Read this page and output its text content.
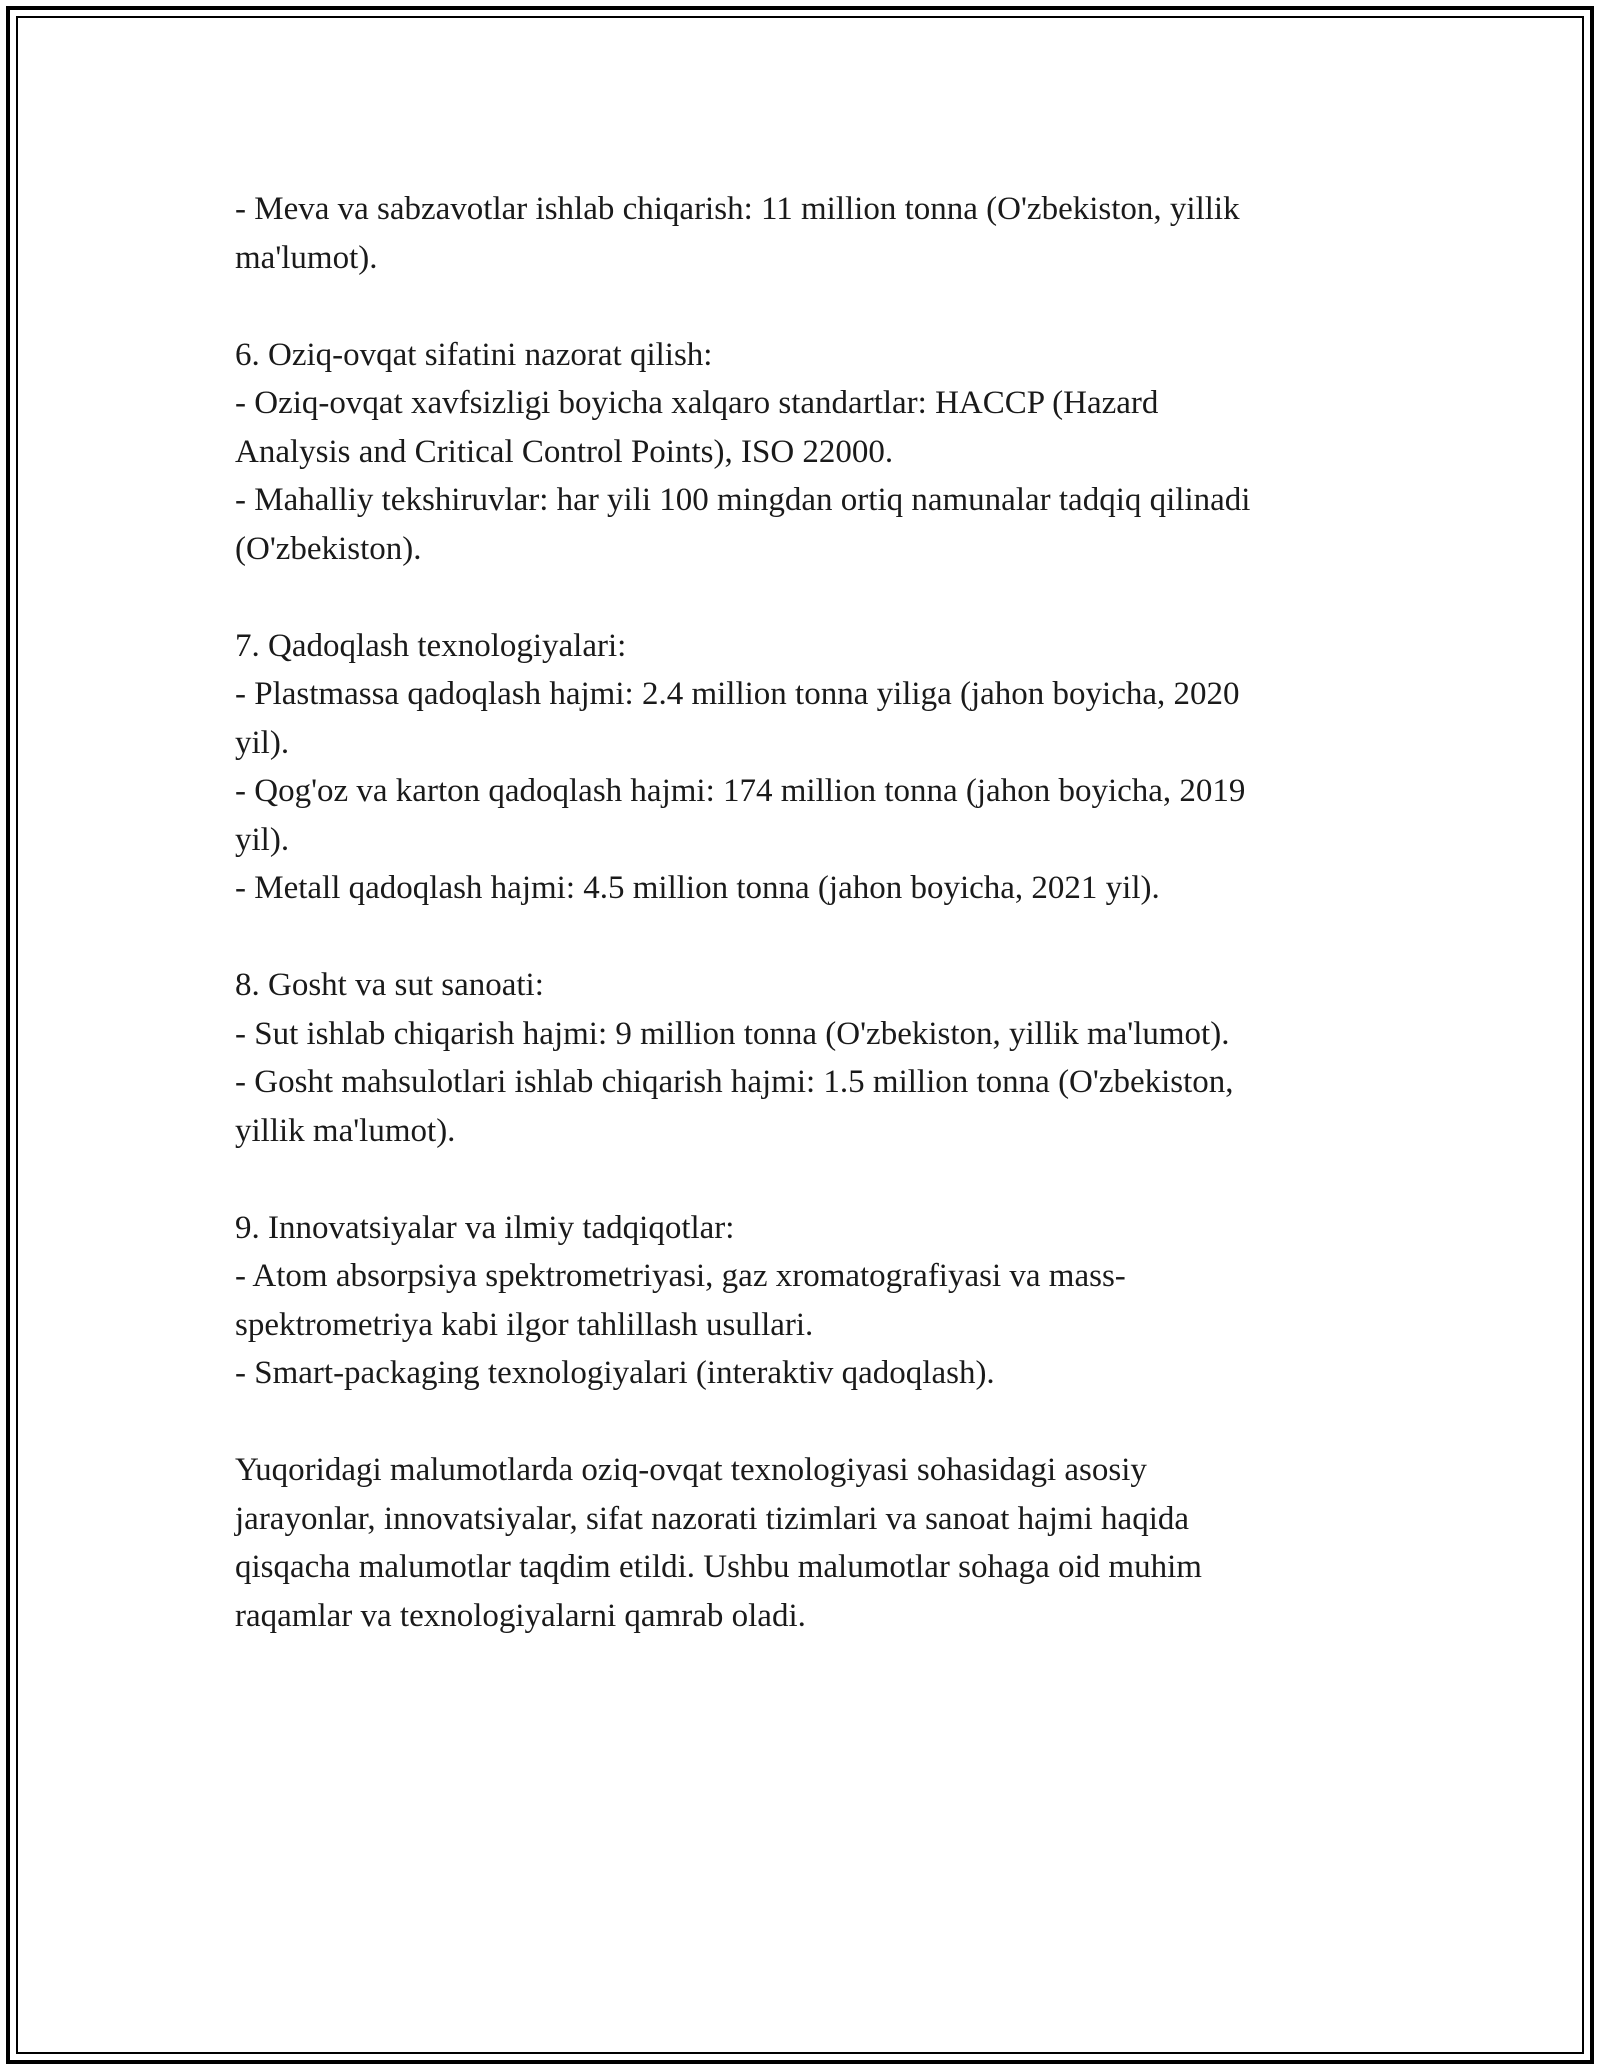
- Meva va sabzavotlar ishlab chiqarish: 11 million tonna (O'zbekiston, yillik
ma'lumot).
6. Oziq-ovqat sifatini nazorat qilish:
- Oziq-ovqat xavfsizligi boyicha xalqaro standartlar: HACCP (Hazard
Analysis and Critical Control Points), ISO 22000.
- Mahalliy tekshiruvlar: har yili 100 mingdan ortiq namunalar tadqiq qilinadi
(O'zbekiston).
7. Qadoqlash texnologiyalari:
- Plastmassa qadoqlash hajmi: 2.4 million tonna yiliga (jahon boyicha, 2020
yil).
- Qog'oz va karton qadoqlash hajmi: 174 million tonna (jahon boyicha, 2019
yil).
- Metall qadoqlash hajmi: 4.5 million tonna (jahon boyicha, 2021 yil).
8. Gosht va sut sanoati:
- Sut ishlab chiqarish hajmi: 9 million tonna (O'zbekiston, yillik ma'lumot).
- Gosht mahsulotlari ishlab chiqarish hajmi: 1.5 million tonna (O'zbekiston,
yillik ma'lumot).
9. Innovatsiyalar va ilmiy tadqiqotlar:
- Atom absorpsiya spektrometriyasi, gaz xromatografiyasi va mass-
spektrometriya kabi ilgor tahlillash usullari.
- Smart-packaging texnologiyalari (interaktiv qadoqlash).
Yuqoridagi malumotlarda oziq-ovqat texnologiyasi sohasidagi asosiy
jarayonlar, innovatsiyalar, sifat nazorati tizimlari va sanoat hajmi haqida
qisqacha malumotlar taqdim etildi. Ushbu malumotlar sohaga oid muhim
raqamlar va texnologiyalarni qamrab oladi.
